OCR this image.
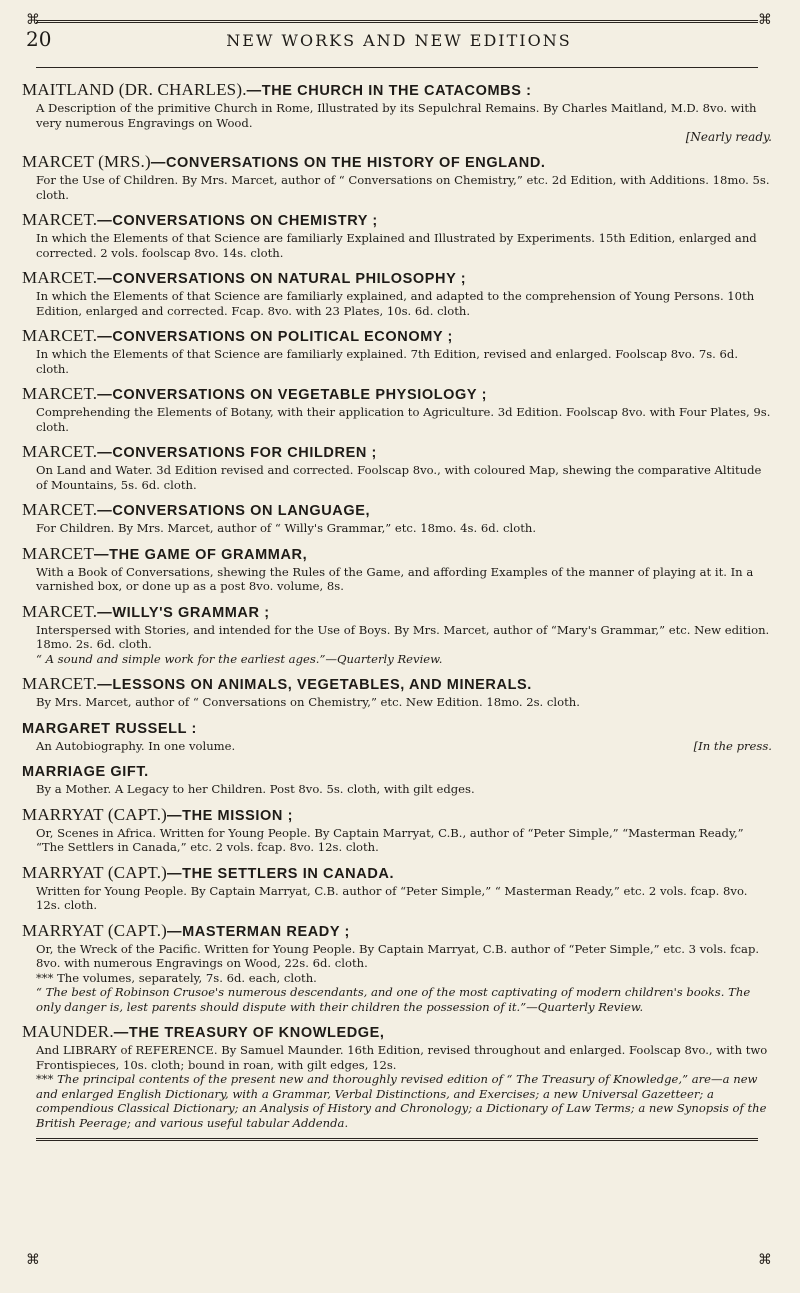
⌘	⌘
20	NEW WORKS AND NEW EDITIONS
MAITLAND (DR. CHARLES).—THE CHURCH IN THE CATACOMBS :
A Description of the primitive Church in Rome, Illustrated by its Sepulchral Remains. By Charles Maitland, M.D. 8vo. with very numerous Engravings on Wood.
[Nearly ready.
MARCET (MRS.)—CONVERSATIONS ON THE HISTORY OF ENGLAND.
For the Use of Children. By Mrs. Marcet, author of “ Conversations on Chemistry,” etc. 2d Edition, with Additions. 18mo. 5s. cloth.
MARCET.—CONVERSATIONS ON CHEMISTRY ;
In which the Elements of that Science are familiarly Explained and Illustrated by Experiments. 15th Edition, enlarged and corrected. 2 vols. foolscap 8vo. 14s. cloth.
MARCET.—CONVERSATIONS ON NATURAL PHILOSOPHY ;
In which the Elements of that Science are familiarly explained, and adapted to the comprehension of Young Persons. 10th Edition, enlarged and corrected. Fcap. 8vo. with 23 Plates, 10s. 6d. cloth.
MARCET.—CONVERSATIONS ON POLITICAL ECONOMY ;
In which the Elements of that Science are familiarly explained. 7th Edition, revised and enlarged. Foolscap 8vo. 7s. 6d. cloth.
MARCET.—CONVERSATIONS ON VEGETABLE PHYSIOLOGY ;
Comprehending the Elements of Botany, with their application to Agriculture. 3d Edition. Foolscap 8vo. with Four Plates, 9s. cloth.
MARCET.—CONVERSATIONS FOR CHILDREN ;
On Land and Water. 3d Edition revised and corrected. Foolscap 8vo., with coloured Map, shewing the comparative Altitude of Mountains, 5s. 6d. cloth.
MARCET.—CONVERSATIONS ON LANGUAGE,
For Children. By Mrs. Marcet, author of “ Willy's Grammar,” etc. 18mo. 4s. 6d. cloth.
MARCET—THE GAME OF GRAMMAR,
With a Book of Conversations, shewing the Rules of the Game, and affording Examples of the manner of playing at it. In a varnished box, or done up as a post 8vo. volume, 8s.
MARCET.—WILLY'S GRAMMAR ;
Interspersed with Stories, and intended for the Use of Boys. By Mrs. Marcet, author of “Mary's Grammar,” etc. New edition. 18mo. 2s. 6d. cloth.
“ A sound and simple work for the earliest ages.”—Quarterly Review.
MARCET.—LESSONS ON ANIMALS, VEGETABLES, AND MINERALS.
By Mrs. Marcet, author of “ Conversations on Chemistry,” etc. New Edition. 18mo. 2s. cloth.
MARGARET RUSSELL :
An Autobiography. In one volume.	[In the press.
MARRIAGE GIFT.
By a Mother. A Legacy to her Children. Post 8vo. 5s. cloth, with gilt edges.
MARRYAT (CAPT.)—THE MISSION ;
Or, Scenes in Africa. Written for Young People. By Captain Marryat, C.B., author of “Peter Simple,” “Masterman Ready,” “The Settlers in Canada,” etc. 2 vols. fcap. 8vo. 12s. cloth.
MARRYAT (CAPT.)—THE SETTLERS IN CANADA.
Written for Young People. By Captain Marryat, C.B. author of “Peter Simple,” “ Masterman Ready,” etc. 2 vols. fcap. 8vo. 12s. cloth.
MARRYAT (CAPT.)—MASTERMAN READY ;
Or, the Wreck of the Pacific. Written for Young People. By Captain Marryat, C.B. author of “Peter Simple,” etc. 3 vols. fcap. 8vo. with numerous Engravings on Wood, 22s. 6d. cloth.
*** The volumes, separately, 7s. 6d. each, cloth.
“ The best of Robinson Crusoe's numerous descendants, and one of the most captivating of modern children's books. The only danger is, lest parents should dispute with their children the possession of it.”—Quarterly Review.
MAUNDER.—THE TREASURY OF KNOWLEDGE,
And LIBRARY of REFERENCE. By Samuel Maunder. 16th Edition, revised throughout and enlarged. Foolscap 8vo., with two Frontispieces, 10s. cloth; bound in roan, with gilt edges, 12s.
*** The principal contents of the present new and thoroughly revised edition of “ The Treasury of Knowledge,” are—a new and enlarged English Dictionary, with a Grammar, Verbal Distinctions, and Exercises; a new Universal Gazetteer; a compendious Classical Dictionary; an Analysis of History and Chronology; a Dictionary of Law Terms; a new Synopsis of the British Peerage; and various useful tabular Addenda.
⌘	⌘
